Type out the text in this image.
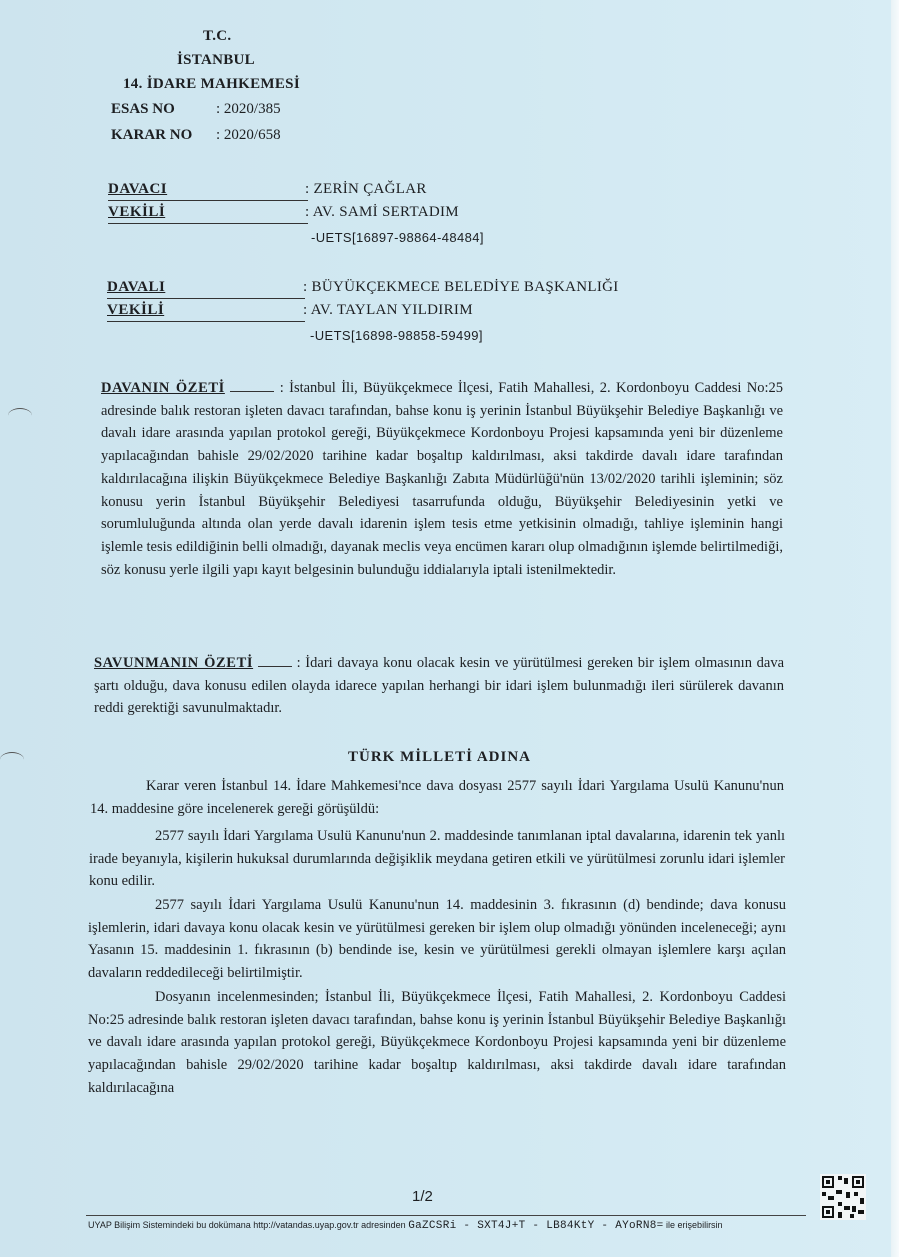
T.C.
İSTANBUL
14. İDARE MAHKEMESİ
ESAS NO	: 2020/385
KARAR NO : 2020/658
DAVACI	: ZERİN ÇAĞLAR
VEKİLİ	: AV. SAMİ SERTADIM
-UETS[16897-98864-48484]
DAVALI	: BÜYÜKÇEKMECE BELEDİYE BAŞKANLIĞI
VEKİLİ	: AV. TAYLAN YILDIRIM
-UETS[16898-98858-59499]
DAVANIN ÖZETİ	: İstanbul İli, Büyükçekmece İlçesi, Fatih Mahallesi, 2. Kordonboyu Caddesi No:25 adresinde balık restoran işleten davacı tarafından, bahse konu iş yerinin İstanbul Büyükşehir Belediye Başkanlığı ve davalı idare arasında yapılan protokol gereği, Büyükçekmece Kordonboyu Projesi kapsamında yeni bir düzenleme yapılacağından bahisle 29/02/2020 tarihine kadar boşaltıp kaldırılması, aksi takdirde davalı idare tarafından kaldırılacağına ilişkin Büyükçekmece Belediye Başkanlığı Zabıta Müdürlüğü'nün 13/02/2020 tarihli işleminin; söz konusu yerin İstanbul Büyükşehir Belediyesi tasarrufunda olduğu, Büyükşehir Belediyesinin yetki ve sorumluluğunda altında olan yerde davalı idarenin işlem tesis etme yetkisinin olmadığı, tahliye işleminin hangi işlemle tesis edildiğinin belli olmadığı, dayanak meclis veya encümen kararı olup olmadığının işlemde belirtilmediği, söz konusu yerle ilgili yapı kayıt belgesinin bulunduğu iddialarıyla iptali istenilmektedir.
SAVUNMANIN ÖZETİ	: İdari davaya konu olacak kesin ve yürütülmesi gereken bir işlem olmasının dava şartı olduğu, dava konusu edilen olayda idarece yapılan herhangi bir idari işlem bulunmadığı ileri sürülerek davanın reddi gerektiği savunulmaktadır.
TÜRK MİLLETİ ADINA
Karar veren İstanbul 14. İdare Mahkemesi'nce dava dosyası 2577 sayılı İdari Yargılama Usulü Kanunu'nun 14. maddesine göre incelenerek gereği görüşüldü:
2577 sayılı İdari Yargılama Usulü Kanunu'nun 2. maddesinde tanımlanan iptal davalarına, idarenin tek yanlı irade beyanıyla, kişilerin hukuksal durumlarında değişiklik meydana getiren etkili ve yürütülmesi zorunlu idari işlemler konu edilir.
2577 sayılı İdari Yargılama Usulü Kanunu'nun 14. maddesinin 3. fıkrasının (d) bendinde; dava konusu işlemlerin, idari davaya konu olacak kesin ve yürütülmesi gereken bir işlem olup olmadığı yönünden inceleneceği; aynı Yasanın 15. maddesinin 1. fıkrasının (b) bendinde ise, kesin ve yürütülmesi gerekli olmayan işlemlere karşı açılan davaların reddedileceği belirtilmiştir.
Dosyanın incelenmesinden; İstanbul İli, Büyükçekmece İlçesi, Fatih Mahallesi, 2. Kordonboyu Caddesi No:25 adresinde balık restoran işleten davacı tarafından, bahse konu iş yerinin İstanbul Büyükşehir Belediye Başkanlığı ve davalı idare arasında yapılan protokol gereği, Büyükçekmece Kordonboyu Projesi kapsamında yeni bir düzenleme yapılacağından bahisle 29/02/2020 tarihine kadar boşaltıp kaldırılması, aksi takdirde davalı idare tarafından kaldırılacağına
1/2
UYAP Bilişim Sistemindeki bu dokümana http://vatandas.uyap.gov.tr adresinden GaZCSRi - SXT4J+T - LB84KtY - AYoRN8= ile erişebilirsin
